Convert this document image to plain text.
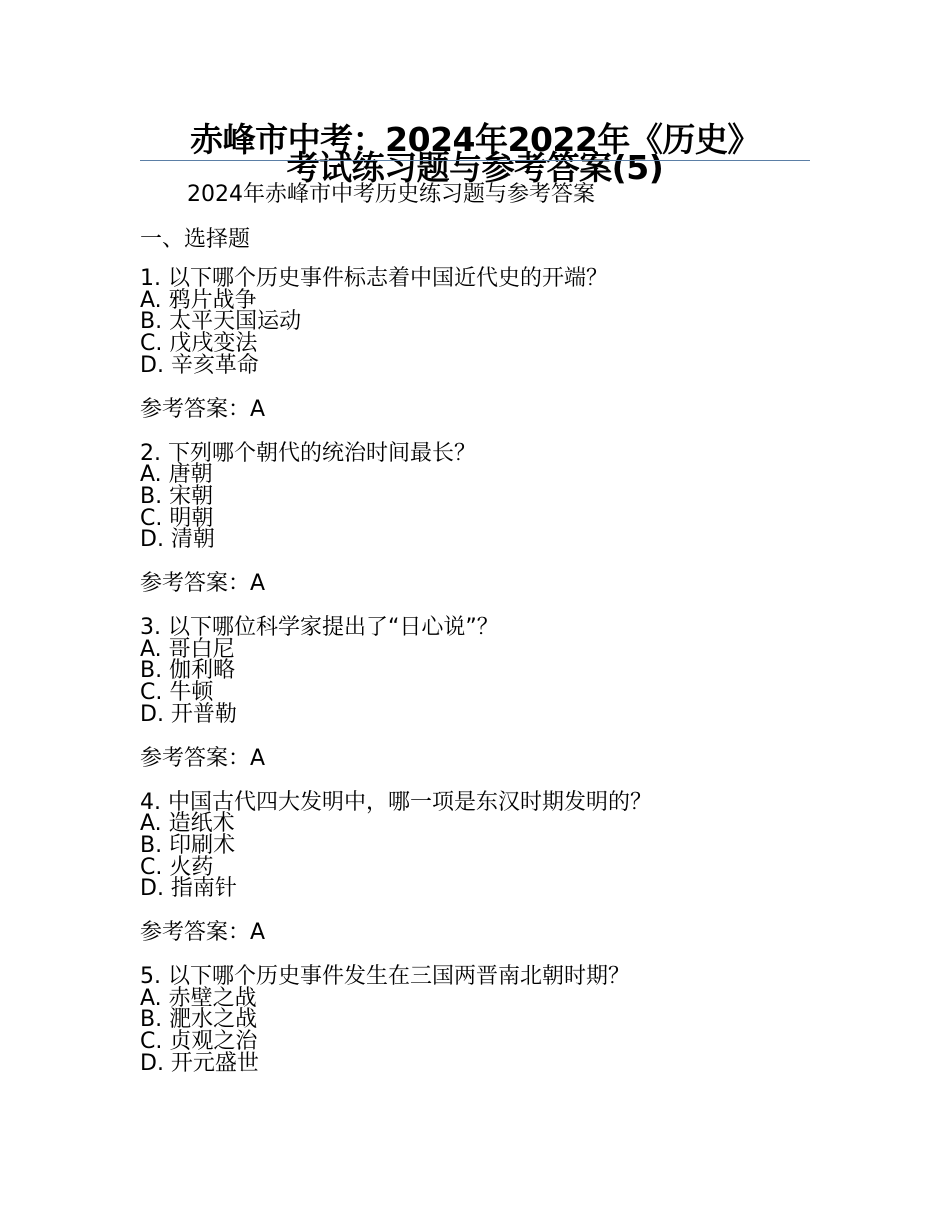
赤峰市中考：2024年2022年《历史》
考试练习题与参考答案(5)
2024年赤峰市中考历史练习题与参考答案
一、选择题
1. 以下哪个历史事件标志着中国近代史的开端？
A. 鸦片战争
B. 太平天国运动
C. 戊戌变法
D. 辛亥革命
参考答案：A
2. 下列哪个朝代的统治时间最长？
A. 唐朝
B. 宋朝
C. 明朝
D. 清朝
参考答案：A
3. 以下哪位科学家提出了“日心说”？
A. 哥白尼
B. 伽利略
C. 牛顿
D. 开普勒
参考答案：A
4. 中国古代四大发明中，哪一项是东汉时期发明的？
A. 造纸术
B. 印刷术
C. 火药
D. 指南针
参考答案：A
5. 以下哪个历史事件发生在三国两晋南北朝时期？
A. 赤壁之战
B. 淝水之战
C. 贞观之治
D. 开元盛世
